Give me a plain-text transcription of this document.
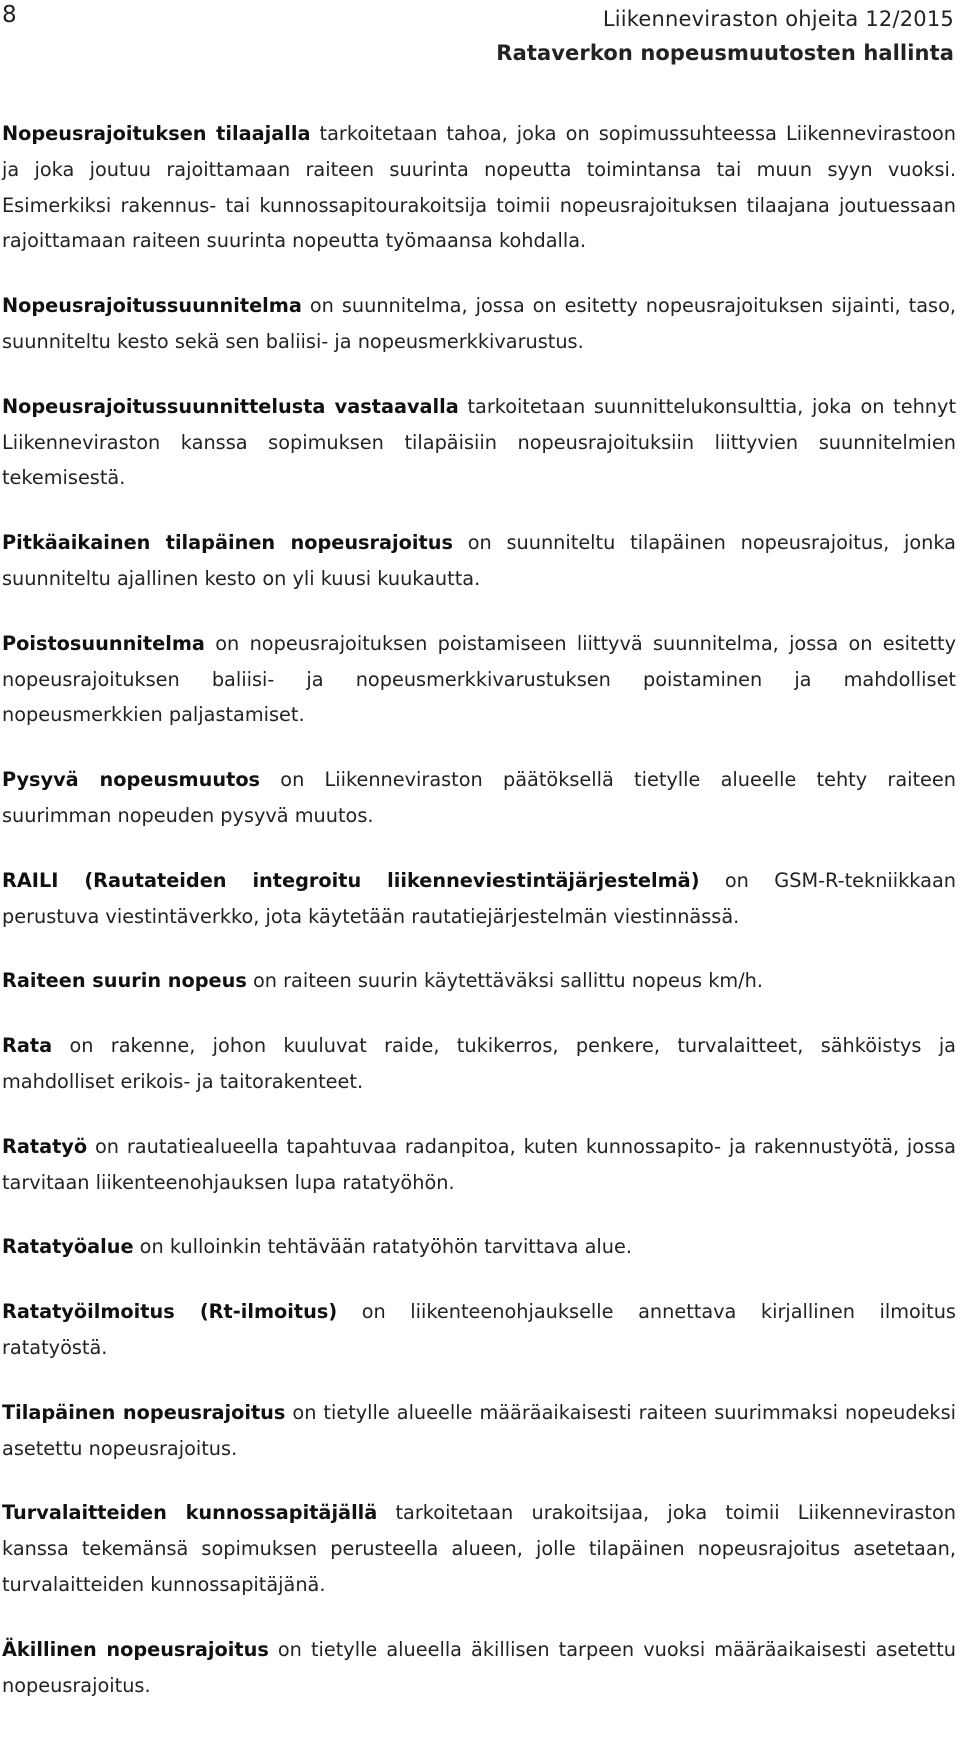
8	Liikenneviraston ohjeita 12/2015
Rataverkon nopeusmuutosten hallinta

Nopeusrajoituksen tilaajalla tarkoitetaan tahoa, joka on sopimussuhteessa Liikennevirastoon ja joka joutuu rajoittamaan raiteen suurinta nopeutta toimintansa tai muun syyn vuoksi. Esimerkiksi rakennus- tai kunnossapitourakoitsija toimii nopeusrajoituksen tilaajana joutuessaan rajoittamaan raiteen suurinta nopeutta työmaansa kohdalla.

Nopeusrajoitussuunnitelma on suunnitelma, jossa on esitetty nopeusrajoituksen sijainti, taso, suunniteltu kesto sekä sen baliisi- ja nopeusmerkkivarustus.

Nopeusrajoitussuunnittelusta vastaavalla tarkoitetaan suunnittelukonsulttia, joka on tehnyt Liikenneviraston kanssa sopimuksen tilapäisiin nopeusrajoituksiin liittyvien suunnitelmien tekemisestä.

Pitkäaikainen tilapäinen nopeusrajoitus on suunniteltu tilapäinen nopeusrajoitus, jonka suunniteltu ajallinen kesto on yli kuusi kuukautta.

Poistosuunnitelma on nopeusrajoituksen poistamiseen liittyvä suunnitelma, jossa on esitetty nopeusrajoituksen baliisi- ja nopeusmerkkivarustuksen poistaminen ja mahdolliset nopeusmerkkien paljastamiset.

Pysyvä nopeusmuutos on Liikenneviraston päätöksellä tietylle alueelle tehty raiteen suurimman nopeuden pysyvä muutos.

RAILI (Rautateiden integroitu liikenneviestintäjärjestelmä) on GSM-R-tekniikkaan perustuva viestintäverkko, jota käytetään rautatiejärjestelmän viestinnässä.

Raiteen suurin nopeus on raiteen suurin käytettäväksi sallittu nopeus km/h.

Rata on rakenne, johon kuuluvat raide, tukikerros, penkere, turvalaitteet, sähköistys ja mahdolliset erikois- ja taitorakenteet.

Ratatyö on rautatiealueella tapahtuvaa radanpitoa, kuten kunnossapito- ja rakennustyötä, jossa tarvitaan liikenteenohjauksen lupa ratatyöhön.

Ratatyöalue on kulloinkin tehtävään ratatyöhön tarvittava alue.

Ratatyöilmoitus (Rt-ilmoitus) on liikenteenohjaukselle annettava kirjallinen ilmoitus ratatyöstä.

Tilapäinen nopeusrajoitus on tietylle alueelle määräaikaisesti raiteen suurimmaksi nopeudeksi asetettu nopeusrajoitus.

Turvalaitteiden kunnossapitäjällä tarkoitetaan urakoitsijaa, joka toimii Liikenneviraston kanssa tekemänsä sopimuksen perusteella alueen, jolle tilapäinen nopeusrajoitus asetetaan, turvalaitteiden kunnossapitäjänä.

Äkillinen nopeusrajoitus on tietylle alueella äkillisen tarpeen vuoksi määräaikaisesti asetettu nopeusrajoitus.
